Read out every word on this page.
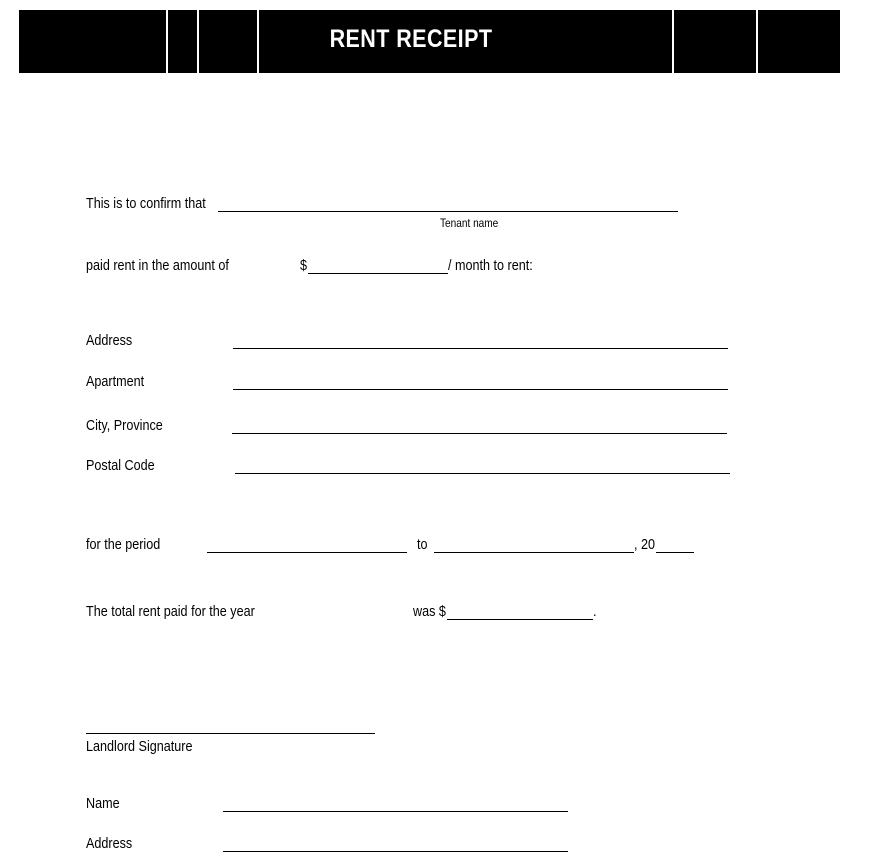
RENT RECEIPT
This is to confirm that
Tenant name
paid rent in the amount of	$	/ month to rent:
Address
Apartment
City, Province
Postal Code
for the period	to	, 20
The total rent paid for the year	was $	.
Landlord Signature
Name
Address
